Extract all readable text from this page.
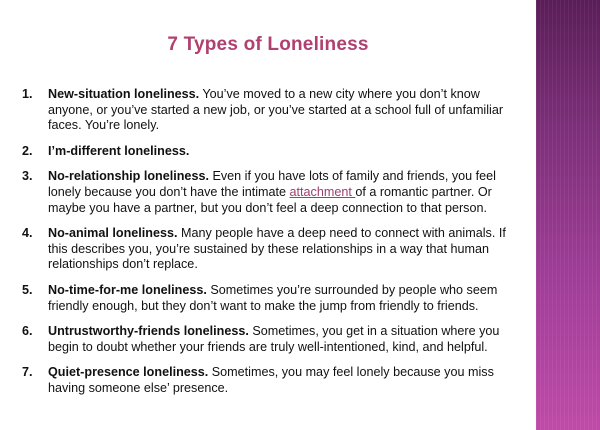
7 Types of Loneliness
1. New-situation loneliness. You’ve moved to a new city where you don’t know anyone, or you’ve started a new job, or you’ve started at a school full of unfamiliar faces. You’re lonely.
2. I’m-different loneliness.
3. No-relationship loneliness. Even if you have lots of family and friends, you feel lonely because you don’t have the intimate attachment of a romantic partner. Or maybe you have a partner, but you don’t feel a deep connection to that person.
4. No-animal loneliness. Many people have a deep need to connect with animals. If this describes you, you’re sustained by these relationships in a way that human relationships don’t replace.
5. No-time-for-me loneliness. Sometimes you’re surrounded by people who seem friendly enough, but they don’t want to make the jump from friendly to friends.
6. Untrustworthy-friends loneliness. Sometimes, you get in a situation where you begin to doubt whether your friends are truly well-intentioned, kind, and helpful.
7. Quiet-presence loneliness. Sometimes, you may feel lonely because you miss having someone else’ presence.
